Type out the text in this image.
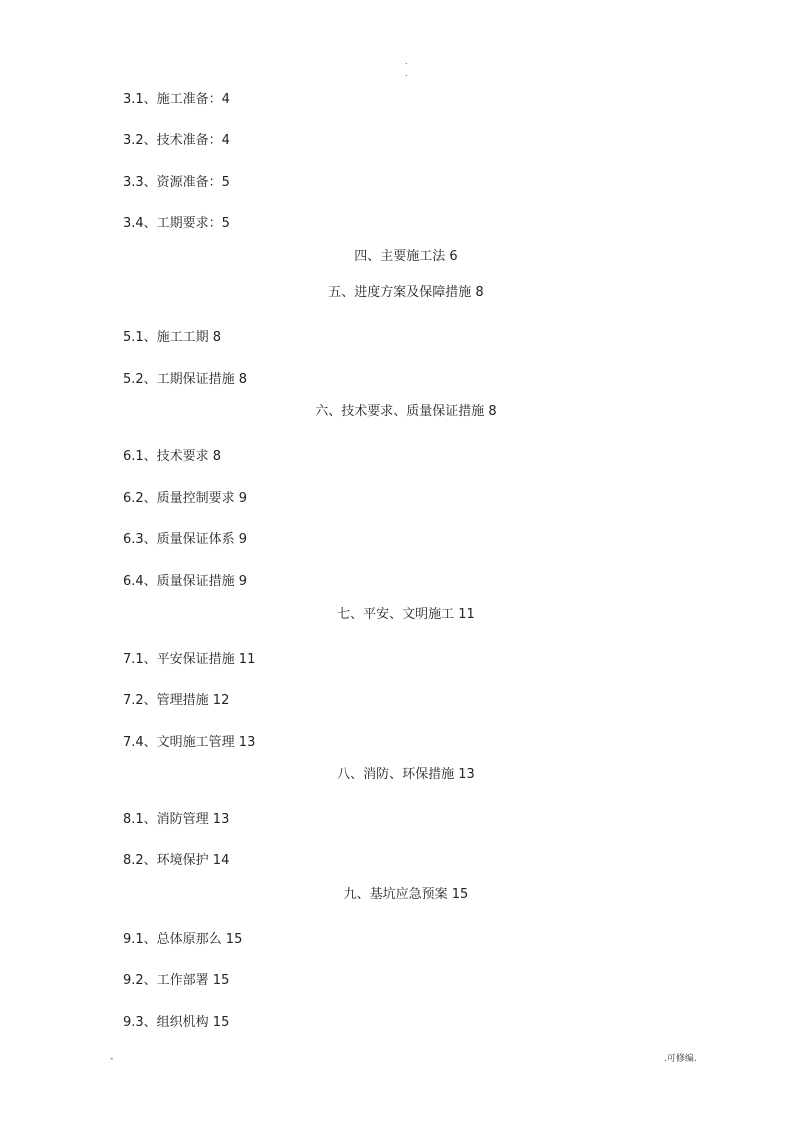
.
.
3.1、施工准备：4
3.2、技术准备：4
3.3、资源准备：5
3.4、工期要求：5
四、主要施工法 6
五、进度方案及保障措施 8
5.1、施工工期 8
5.2、工期保证措施 8
六、技术要求、质量保证措施 8
6.1、技术要求 8
6.2、质量控制要求 9
6.3、质量保证体系 9
6.4、质量保证措施 9
七、平安、文明施工 11
7.1、平安保证措施 11
7.2、管理措施 12
7.4、文明施工管理 13
八、消防、环保措施 13
8.1、消防管理 13
8.2、环境保护 14
九、基坑应急预案 15
9.1、总体原那么 15
9.2、工作部署 15
9.3、组织机构 15
-	.可修编.
